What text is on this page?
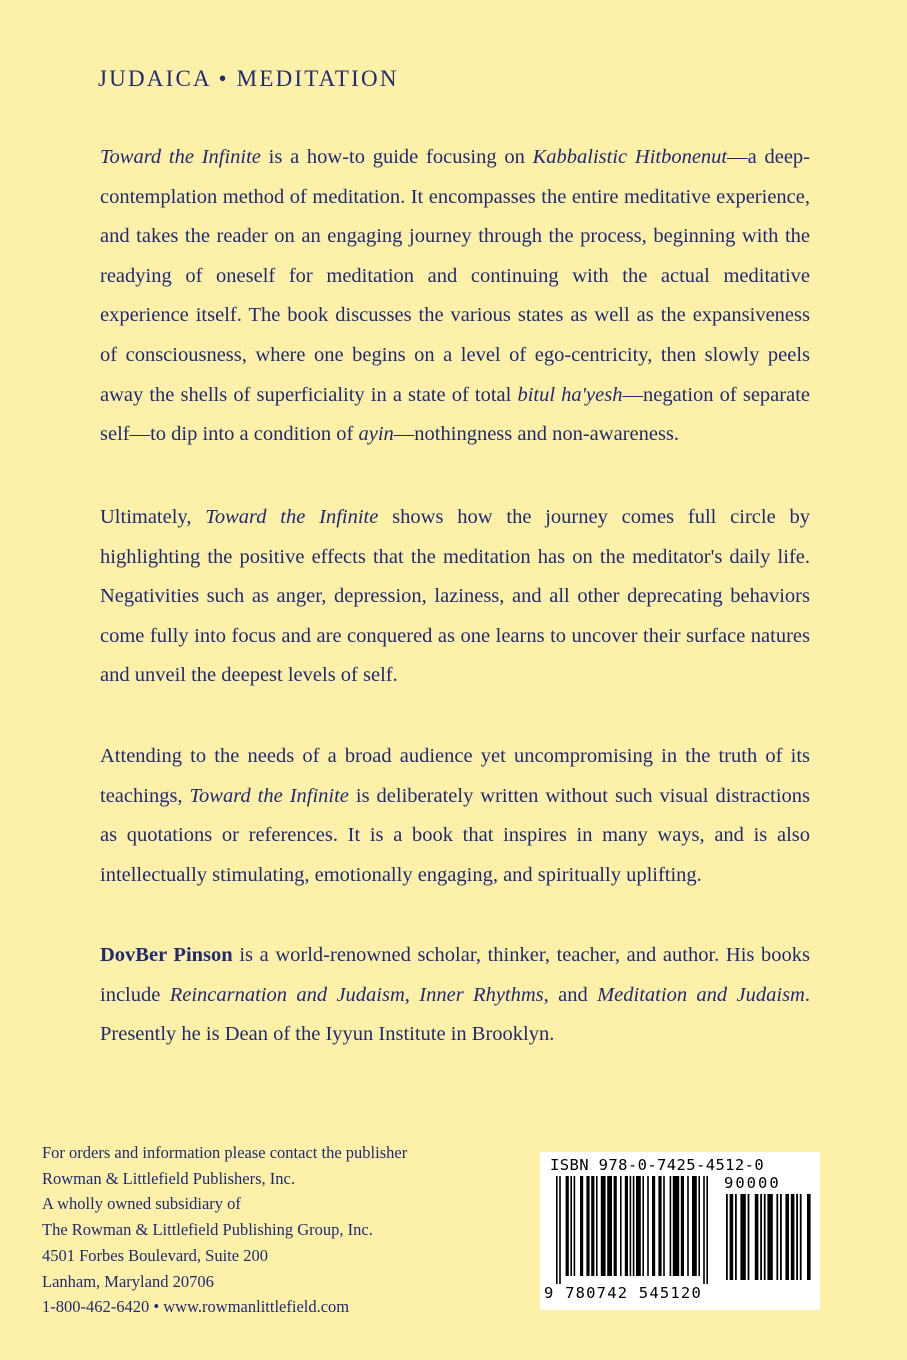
JUDAICA • MEDITATION

Toward the Infinite is a how-to guide focusing on Kabbalistic Hitbonenut—a deep-contemplation method of meditation. It encompasses the entire meditative experience, and takes the reader on an engaging journey through the process, beginning with the readying of oneself for meditation and continuing with the actual meditative experience itself. The book discusses the various states as well as the expansiveness of consciousness, where one begins on a level of ego-centricity, then slowly peels away the shells of superficiality in a state of total bitul ha'yesh—negation of separate self—to dip into a condition of ayin—nothingness and non-awareness.

Ultimately, Toward the Infinite shows how the journey comes full circle by highlighting the positive effects that the meditation has on the meditator's daily life. Negativities such as anger, depression, laziness, and all other deprecating behaviors come fully into focus and are conquered as one learns to uncover their surface natures and unveil the deepest levels of self.

Attending to the needs of a broad audience yet uncompromising in the truth of its teachings, Toward the Infinite is deliberately written without such visual distractions as quotations or references. It is a book that inspires in many ways, and is also intellectually stimulating, emotionally engaging, and spiritually uplifting.

DovBer Pinson is a world-renowned scholar, thinker, teacher, and author. His books include Reincarnation and Judaism, Inner Rhythms, and Meditation and Judaism. Presently he is Dean of the Iyyun Institute in Brooklyn.

For orders and information please contact the publisher
Rowman & Littlefield Publishers, Inc.
A wholly owned subsidiary of
The Rowman & Littlefield Publishing Group, Inc.
4501 Forbes Boulevard, Suite 200
Lanham, Maryland 20706
1-800-462-6420 • www.rowmanlittlefield.com
ISBN 978-0-7425-4512-0
90000
9 780742 545120
